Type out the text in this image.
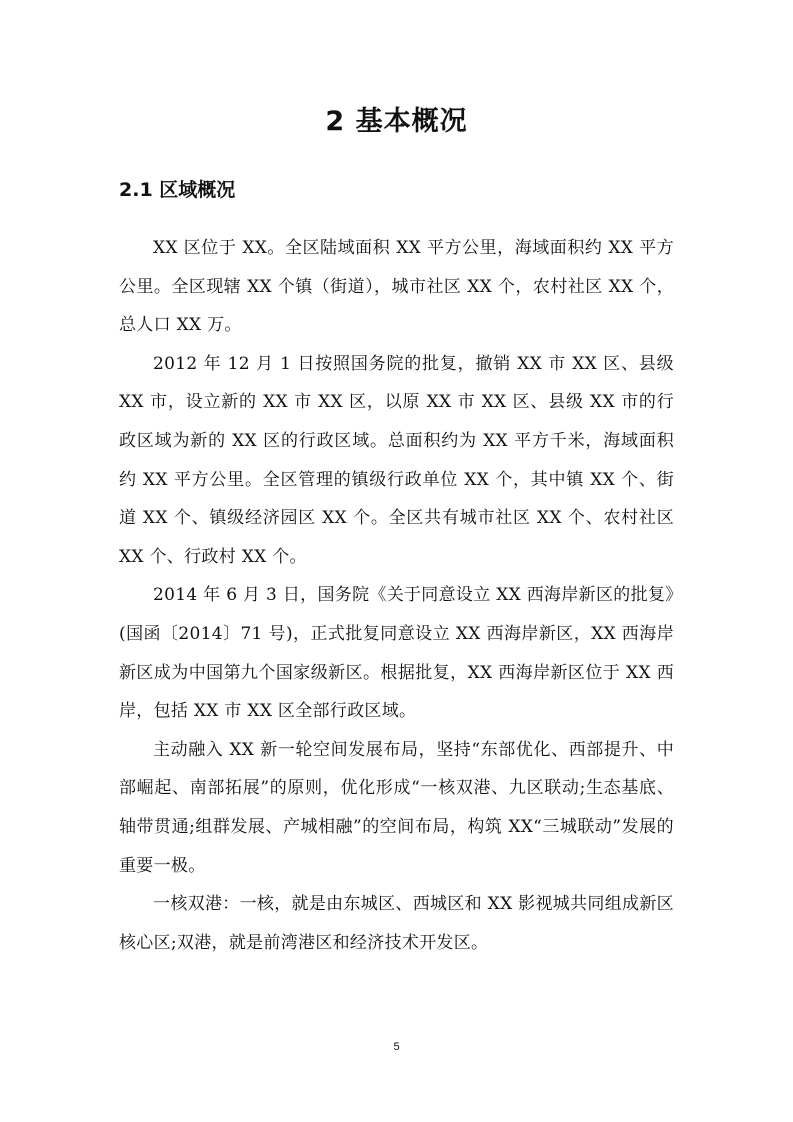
2 基本概况
2.1 区域概况

XX 区位于 XX。全区陆域面积 XX 平方公里，海域面积约 XX 平方公里。全区现辖 XX 个镇（街道），城市社区 XX 个，农村社区 XX 个，总人口 XX 万。

2012 年 12 月 1 日按照国务院的批复，撤销 XX 市 XX 区、县级 XX 市，设立新的 XX 市 XX 区，以原 XX 市 XX 区、县级 XX 市的行政区域为新的 XX 区的行政区域。总面积约为 XX 平方千米，海域面积约 XX 平方公里。全区管理的镇级行政单位 XX 个，其中镇 XX 个、街道 XX 个、镇级经济园区 XX 个。全区共有城市社区 XX 个、农村社区 XX 个、行政村 XX 个。

2014 年 6 月 3 日，国务院《关于同意设立 XX 西海岸新区的批复》(国函〔2014〕71 号)，正式批复同意设立 XX 西海岸新区，XX 西海岸新区成为中国第九个国家级新区。根据批复，XX 西海岸新区位于 XX 西岸，包括 XX 市 XX 区全部行政区域。

主动融入 XX 新一轮空间发展布局，坚持“东部优化、西部提升、中部崛起、南部拓展”的原则，优化形成“一核双港、九区联动;生态基底、轴带贯通;组群发展、产城相融”的空间布局，构筑 XX“三城联动”发展的重要一极。

一核双港：一核，就是由东城区、西城区和 XX 影视城共同组成新区核心区;双港，就是前湾港区和经济技术开发区。

5
